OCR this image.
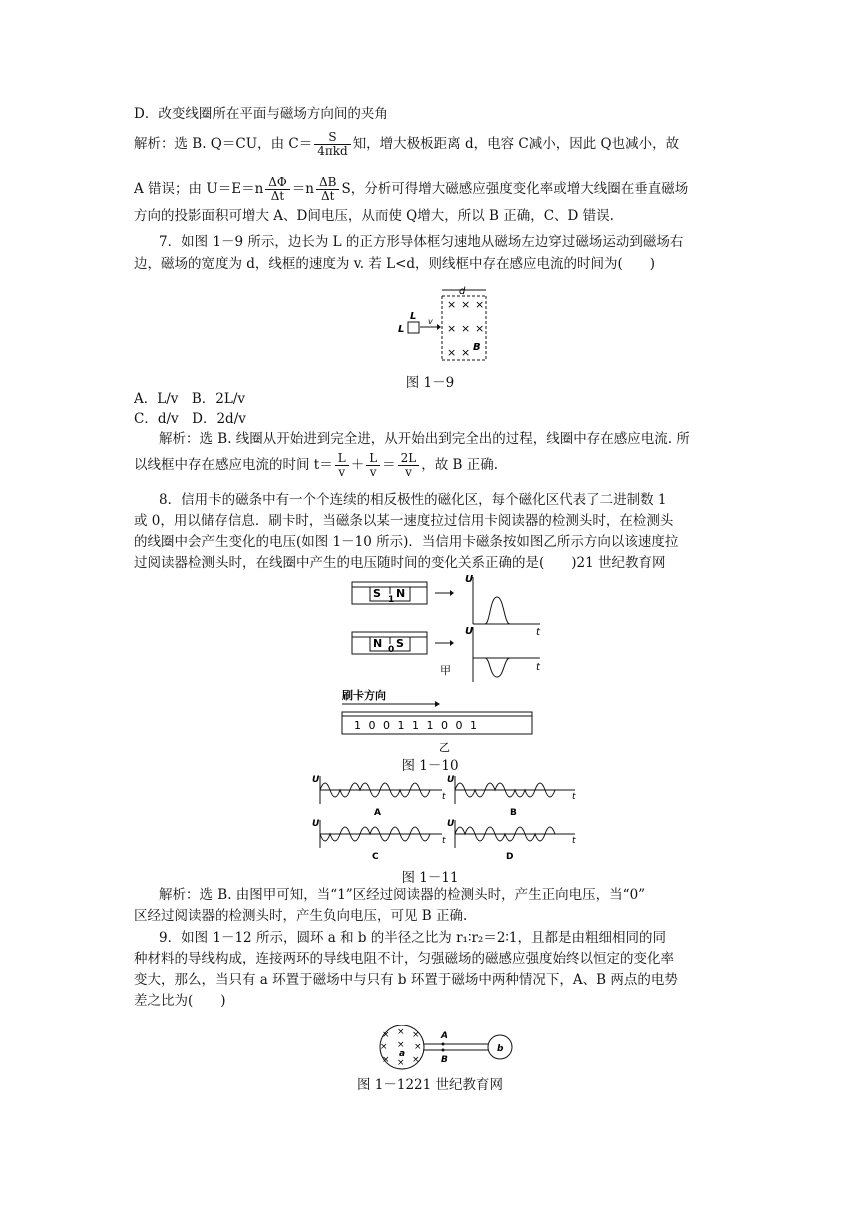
D．改变线圈所在平面与磁场方向间的夹角
解析：选 B. Q＝CU，由 $C= \frac{S}{\text{4πkd}}$ 知，增大极板距离 d，电容 C减小，因此 Q也减小，故
A 错误；由 $U=E=n \frac{\Delta\Phi}{\Delta t} =n \frac{\Delta B}{\Delta t}$ S，分析可得增大磁感应强度变化率或增大线圈在垂直磁场
方向的投影面积可增大 A、D间电压，从而使 Q增大，所以 B 正确，C、D 错误.
7．如图 1－9 所示，边长为 L 的正方形导体框匀速地从磁场左边穿过磁场运动到磁场右
边，磁场的宽度为 d，线框的速度为 v. 若 L<d，则线框中存在感应电流的时间为(　　)
d
× × ×
× × ×
× × B
L
L v
图 1－9
A．L/v　B．2L/v
C．d/v　D．2d/v
解析：选 B. 线圈从开始进到完全进，从开始出到完全出的过程，线圈中存在感应电流. 所
以线框中存在感应电流的时间 $t= \frac{L}{v} + \frac{L}{v} = \frac{2L}{v}$ ，故 B 正确.
8．信用卡的磁条中有一个个连续的相反极性的磁化区，每个磁化区代表了二进制数 1
或 0，用以储存信息．刷卡时，当磁条以某一速度拉过信用卡阅读器的检测头时，在检测头
的线圈中会产生变化的电压(如图 1－10 所示)．当信用卡磁条按如图乙所示方向以该速度拉
过阅读器检测头时，在线圈中产生的电压随时间的变化关系正确的是(　　)21 世纪教育网
S N
1
U
t
N S
0
U
t
甲
刷卡方向
1 0 0 1 1 1 0 0 1
乙
图 1－10
U
t
A
U
t
B
U
t
C
U
t
D
图 1－11
解析：选 B. 由图甲可知，当“1”区经过阅读器的检测头时，产生正向电压，当“0”
区经过阅读器的检测头时，产生负向电压，可见 B 正确.
9．如图 1－12 所示，圆环 a 和 b 的半径之比为 r₁∶r₂＝2∶1，且都是由粗细相同的同
种材料的导线构成，连接两环的导线电阻不计，匀强磁场的磁感应强度始终以恒定的变化率
变大，那么，当只有 a 环置于磁场中与只有 b 环置于磁场中两种情况下，A、B 两点的电势
差之比为(　　)
× × ×
× × ×
× × ×
a
A
B
b
图 1－1221 世纪教育网
